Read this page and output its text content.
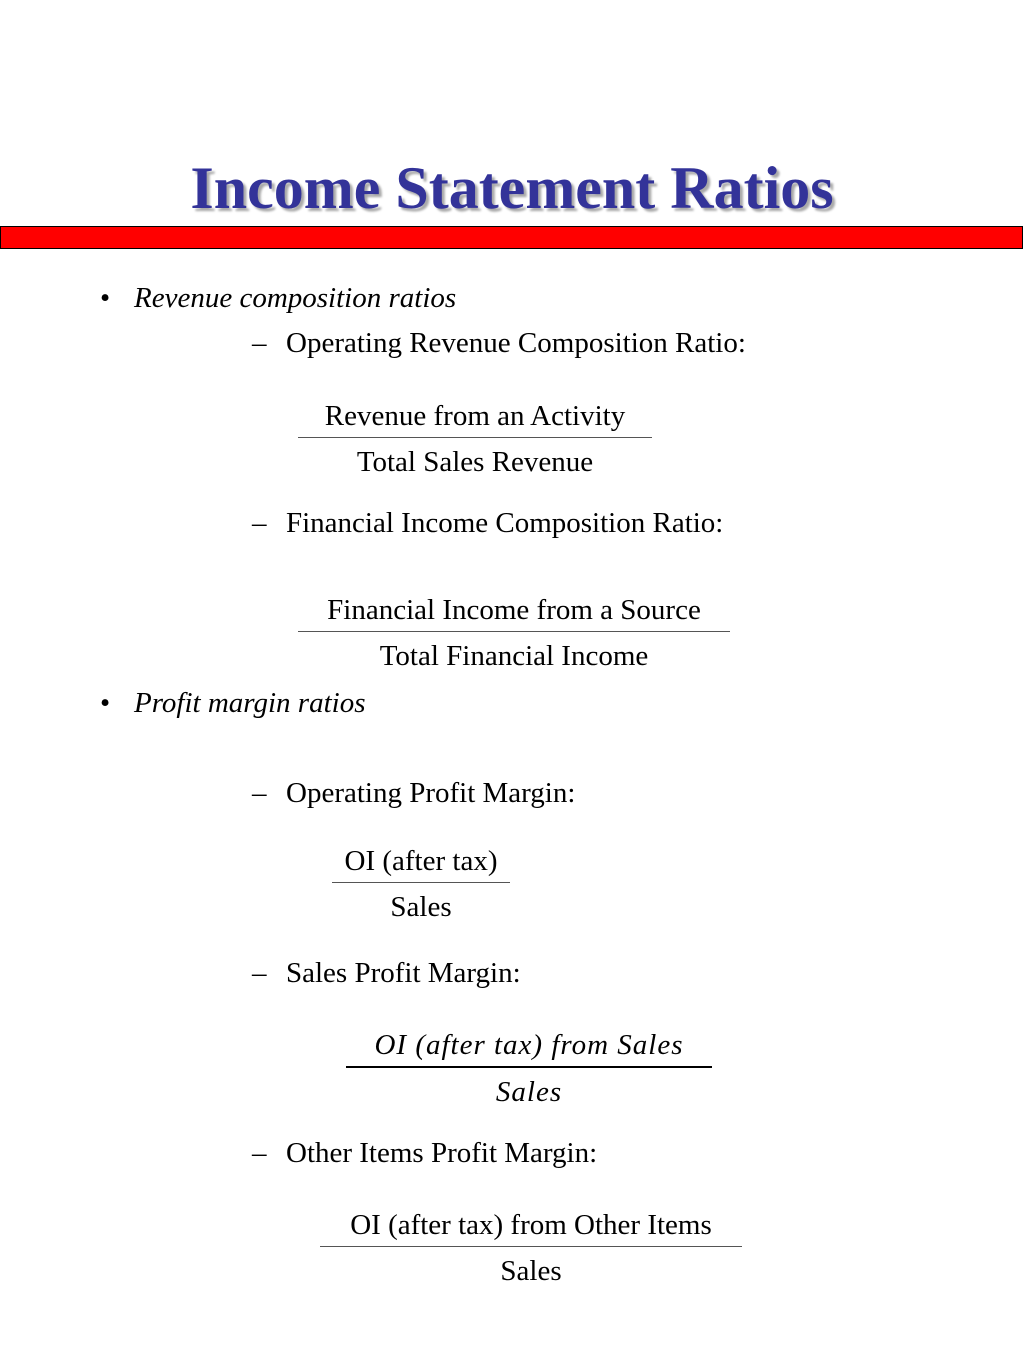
Income Statement Ratios
• Revenue composition ratios
– Operating Revenue Composition Ratio:
Revenue from an Activity
Total Sales Revenue
– Financial Income Composition Ratio:
Financial Income from a Source
Total Financial Income
• Profit margin ratios
– Operating Profit Margin:
OI (after tax)
Sales
– Sales Profit Margin:
OI (after tax) from Sales
Sales
– Other Items Profit Margin:
OI (after tax) from Other Items
Sales
